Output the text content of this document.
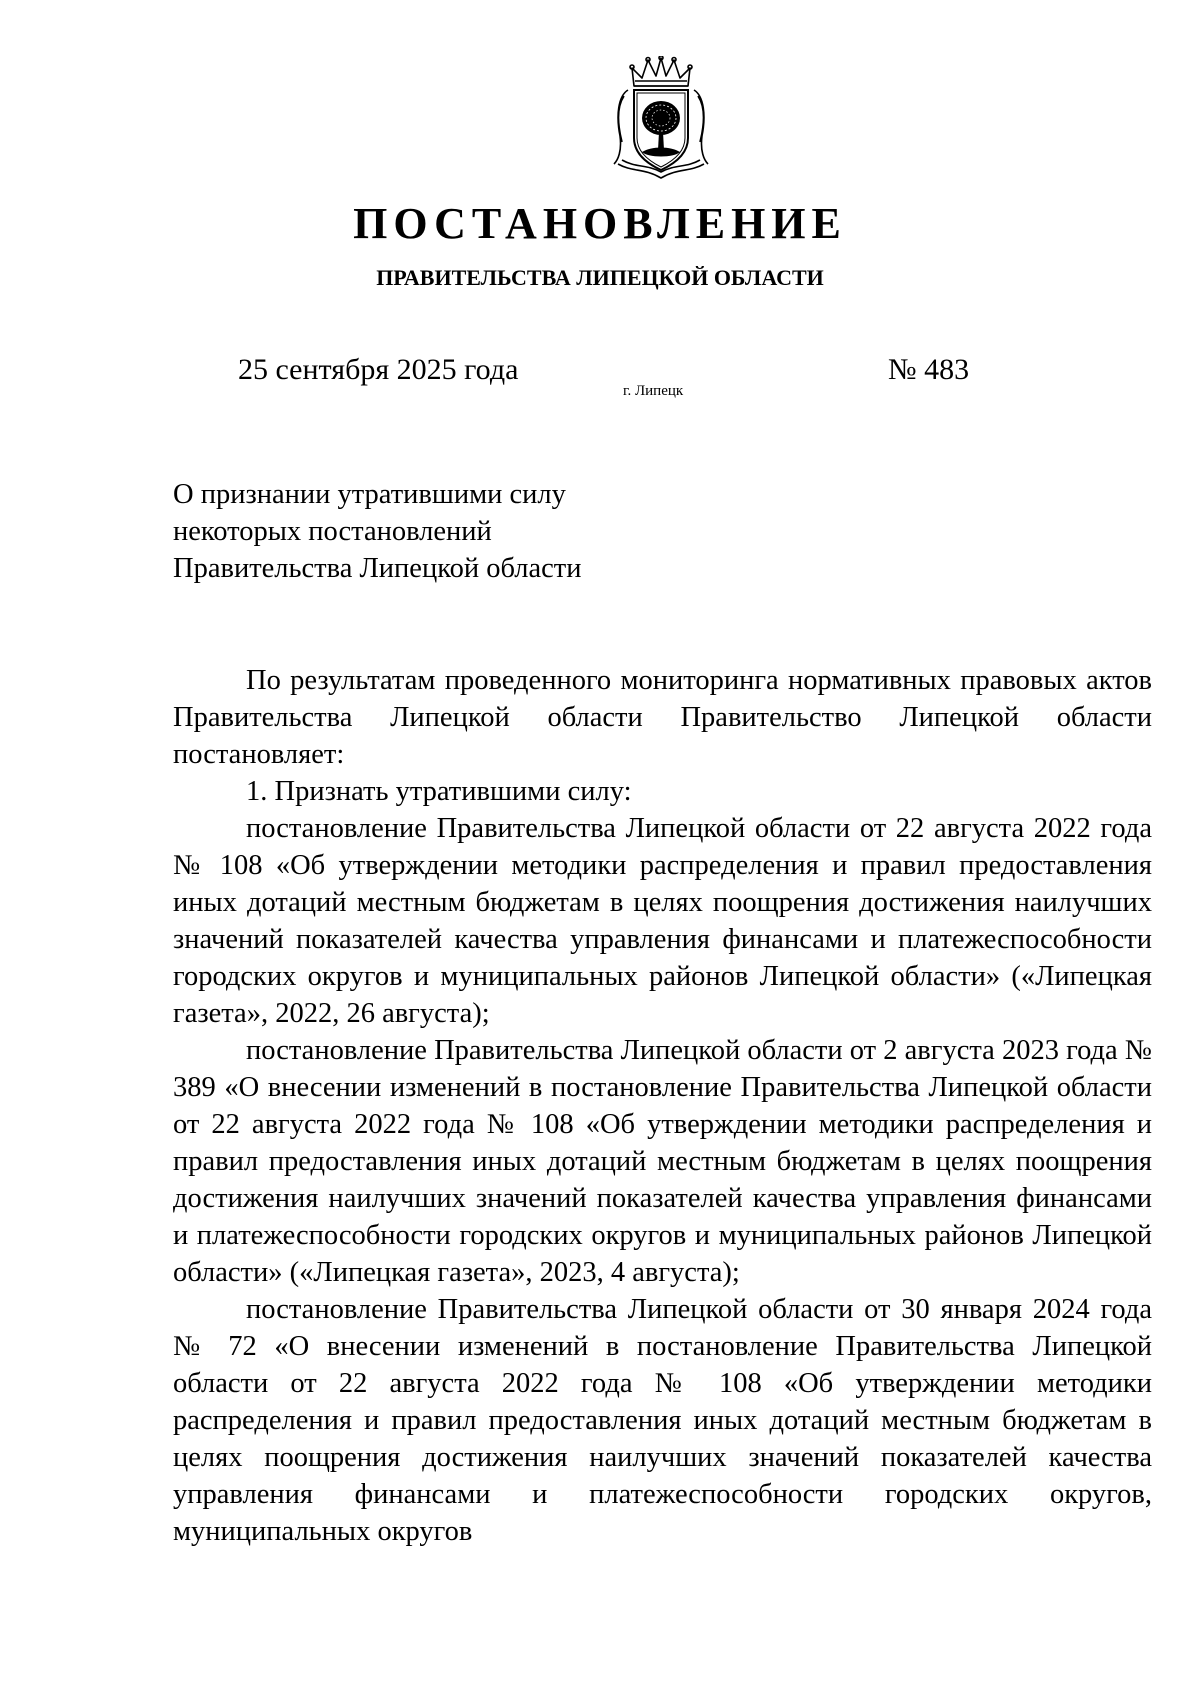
ПОСТАНОВЛЕНИЕ
ПРАВИТЕЛЬСТВА ЛИПЕЦКОЙ ОБЛАСТИ
25 сентября 2025 года
г. Липецк
№ 483
О признании утратившими силу
некоторых постановлений
Правительства Липецкой области

По результатам проведенного мониторинга нормативных правовых актов Правительства Липецкой области Правительство Липецкой области постановляет:

1. Признать утратившими силу:

постановление Правительства Липецкой области от 22 августа 2022 года № 108 «Об утверждении методики распределения и правил предоставления иных дотаций местным бюджетам в целях поощрения достижения наилучших значений показателей качества управления финансами и платежеспособности городских округов и муниципальных районов Липецкой области» («Липецкая газета», 2022, 26 августа);

постановление Правительства Липецкой области от 2 августа 2023 года № 389 «О внесении изменений в постановление Правительства Липецкой области от 22 августа 2022 года № 108 «Об утверждении методики распределения и правил предоставления иных дотаций местным бюджетам в целях поощрения достижения наилучших значений показателей качества управления финансами и платежеспособности городских округов и муниципальных районов Липецкой области» («Липецкая газета», 2023, 4 августа);

постановление Правительства Липецкой области от 30 января 2024 года № 72 «О внесении изменений в постановление Правительства Липецкой области от 22 августа 2022 года № 108 «Об утверждении методики распределения и правил предоставления иных дотаций местным бюджетам в целях поощрения достижения наилучших значений показателей качества управления финансами и платежеспособности городских округов, муниципальных округов
